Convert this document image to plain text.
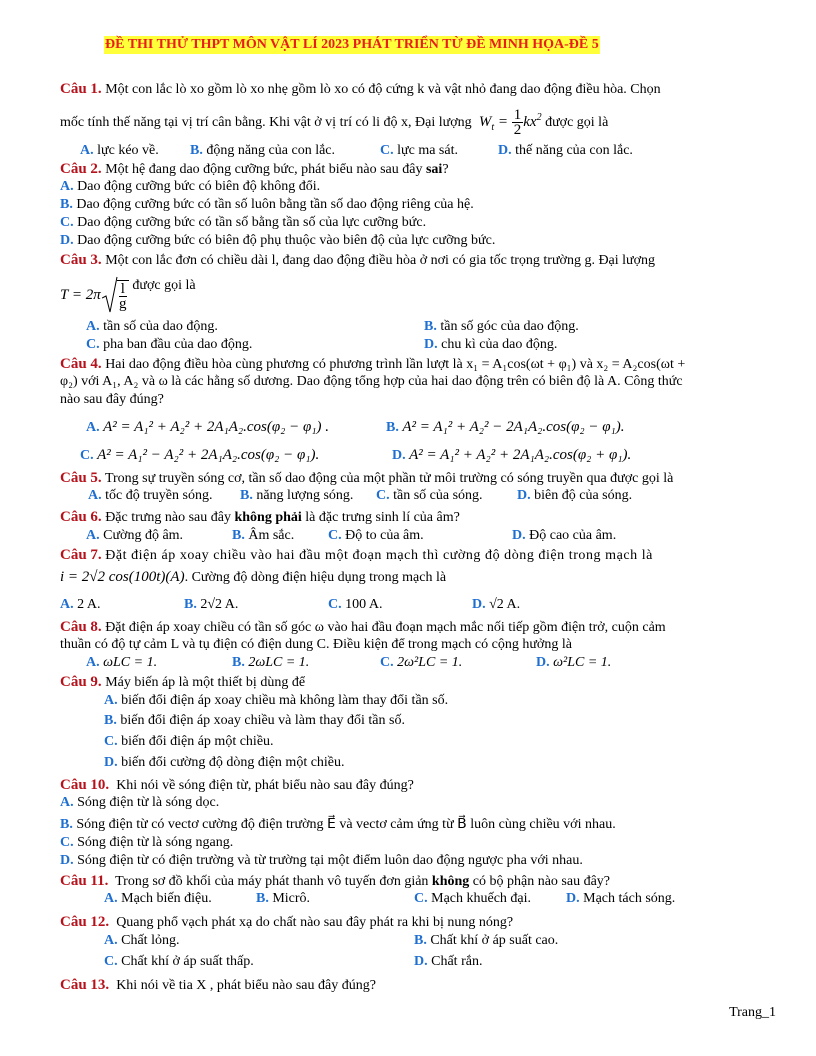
ĐỀ THI THỬ THPT MÔN VẬT LÍ 2023 PHÁT TRIỂN TỪ ĐỀ MINH HỌA-ĐỀ 5
Câu 1. Một con lắc lò xo gồm lò xo nhẹ gồm lò xo có độ cứng k và vật nhỏ đang dao động điều hòa. Chọn
mốc tính thế năng tại vị trí cân bằng. Khi vật ở vị trí có li độ x, Đại lượng  $W_t = \frac{1}{2} kx^2$ được gọi là
A. lực kéo về. B. động năng của con lắc.	C. lực ma sát.	D. thế năng của con lắc.
Câu 2. Một hệ đang dao động cưỡng bức, phát biểu nào sau đây sai?
A. Dao động cưỡng bức có biên độ không đổi.
B. Dao động cưỡng bức có tần số luôn bằng tần số dao động riêng của hệ.
C. Dao động cưỡng bức có tần số bằng tần số của lực cưỡng bức.
D. Dao động cưỡng bức có biên độ phụ thuộc vào biên độ của lực cưỡng bức.
Câu 3. Một con lắc đơn có chiều dài l, đang dao động điều hòa ở nơi có gia tốc trọng trường g. Đại lượng
$T = 2\pi \frac{l}{g}$ được gọi là
A. tần số của dao động.	B. tần số góc của dao động.
C. pha ban đầu của dao động.	D. chu kì của dao động.
Câu 4. Hai dao động điều hòa cùng phương có phương trình lần lượt là x₁ = A₁cos(ωt + φ₁) và x₂ = A₂cos(ωt +
φ₂) với A₁, A₂ và ω là các hằng số dương. Dao động tổng hợp của hai dao động trên có biên độ là A. Công thức
nào sau đây đúng?
A. A² = A₁² + A₂² + 2A₁A₂.cos(φ₂ − φ₁) .	B. A² = A₁² + A₂² − 2A₁A₂.cos(φ₂ − φ₁).
C. A² = A₁² − A₂² + 2A₁A₂.cos(φ₂ − φ₁).	D. A² = A₁² + A₂² + 2A₁A₂.cos(φ₂ + φ₁).
Câu 5. Trong sự truyền sóng cơ, tần số dao động của một phần tử môi trường có sóng truyền qua được gọi là
A. tốc độ truyền sóng. B. năng lượng sóng. C. tần số của sóng. D. biên độ của sóng.
Câu 6. Đặc trưng nào sau đây không phải là đặc trưng sinh lí của âm?
A. Cường độ âm.	B. Âm sắc. C. Độ to của âm.	D. Độ cao của âm.
Câu 7. Đặt điện áp xoay chiều vào hai đầu một đoạn mạch thì cường độ dòng điện trong mạch là
i = 2√2 cos(100t)(A). Cường độ dòng điện hiệu dụng trong mạch là
A. 2 A.	B. 2√2 A.	C. 100 A.	D. √2 A.
Câu 8. Đặt điện áp xoay chiều có tần số góc ω vào hai đầu đoạn mạch mắc nối tiếp gồm điện trở, cuộn cảm
thuần có độ tự cảm L và tụ điện có điện dung C. Điều kiện để trong mạch có cộng hưởng là
A. ωLC = 1.	B. 2ωLC = 1.	C. 2ω²LC = 1.	D. ω²LC = 1.
Câu 9. Máy biến áp là một thiết bị dùng để
A. biến đổi điện áp xoay chiều mà không làm thay đổi tần số.
B. biến đổi điện áp xoay chiều và làm thay đổi tần số.
C. biến đổi điện áp một chiều.
D. biến đổi cường độ dòng điện một chiều.
Câu 10. Khi nói về sóng điện từ, phát biểu nào sau đây đúng?
A. Sóng điện từ là sóng dọc.
B. Sóng điện từ có vectơ cường độ điện trường E⃗ và vectơ cảm ứng từ B⃗ luôn cùng chiều với nhau.
C. Sóng điện từ là sóng ngang.
D. Sóng điện từ có điện trường và từ trường tại một điểm luôn dao động ngược pha với nhau.
Câu 11. Trong sơ đồ khối của máy phát thanh vô tuyến đơn giản không có bộ phận nào sau đây?
A. Mạch biến điệu.	B. Micrô.	C. Mạch khuếch đại. D. Mạch tách sóng.
Câu 12. Quang phổ vạch phát xạ do chất nào sau đây phát ra khi bị nung nóng?
A. Chất lỏng.	B. Chất khí ở áp suất cao.
C. Chất khí ở áp suất thấp.	D. Chất rắn.
Câu 13. Khi nói về tia X , phát biểu nào sau đây đúng?
Trang_1
